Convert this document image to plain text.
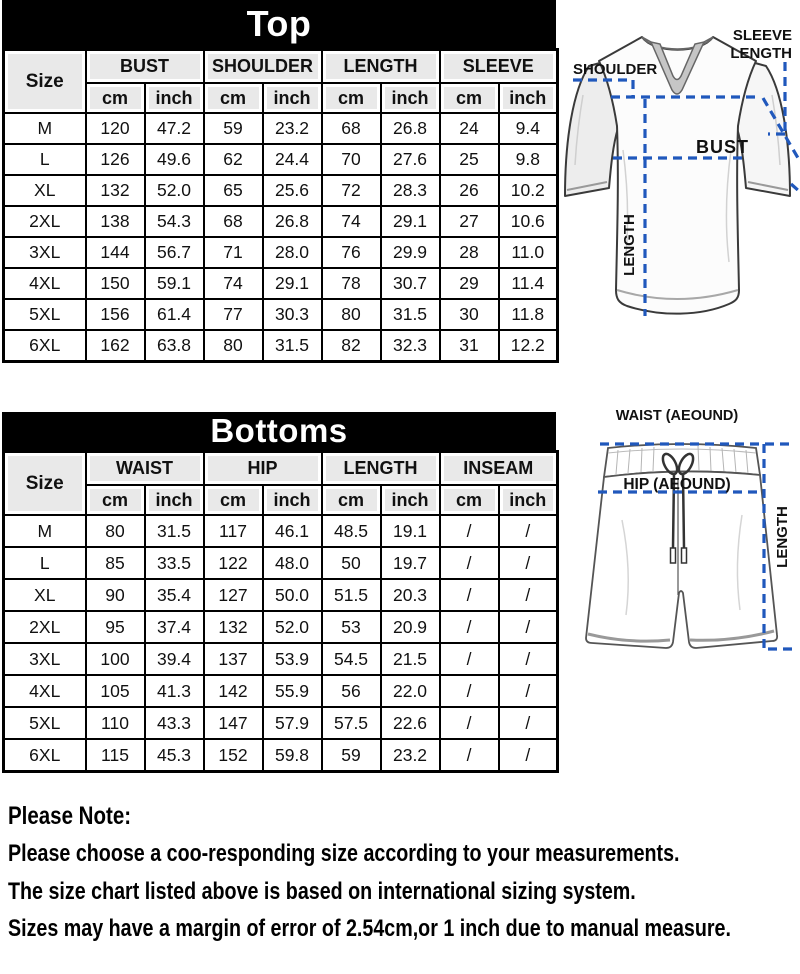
Top
Size	BUST		SHOULDER		LENGTH		SLEEVE	
	cm	inch	cm	inch	cm	inch	cm	inch
M	120	47.2	59	23.2	68	26.8	24	9.4
L	126	49.6	62	24.4	70	27.6	25	9.8
XL	132	52.0	65	25.6	72	28.3	26	10.2
2XL	138	54.3	68	26.8	74	29.1	27	10.6
3XL	144	56.7	71	28.0	76	29.9	28	11.0
4XL	150	59.1	74	29.1	78	30.7	29	11.4
5XL	156	61.4	77	30.3	80	31.5	30	11.8
6XL	162	63.8	80	31.5	82	32.3	31	12.2
SHOULDER
SLEEVE
LENGTH
BUST
LENGTH
Bottoms
Size	WAIST		HIP		LENGTH		INSEAM	
	cm	inch	cm	inch	cm	inch	cm	inch
M	80	31.5	117	46.1	48.5	19.1	/	/
L	85	33.5	122	48.0	50	19.7	/	/
XL	90	35.4	127	50.0	51.5	20.3	/	/
2XL	95	37.4	132	52.0	53	20.9	/	/
3XL	100	39.4	137	53.9	54.5	21.5	/	/
4XL	105	41.3	142	55.9	56	22.0	/	/
5XL	110	43.3	147	57.9	57.5	22.6	/	/
6XL	115	45.3	152	59.8	59	23.2	/	/
WAIST (AEOUND)
HIP (AEOUND)
LENGTH
Please Note:
Please choose a coo-responding size according to your measurements.
The size chart listed above is based on international sizing system.
Sizes may have a margin of error of 2.54cm,or 1 inch due to manual measure.
